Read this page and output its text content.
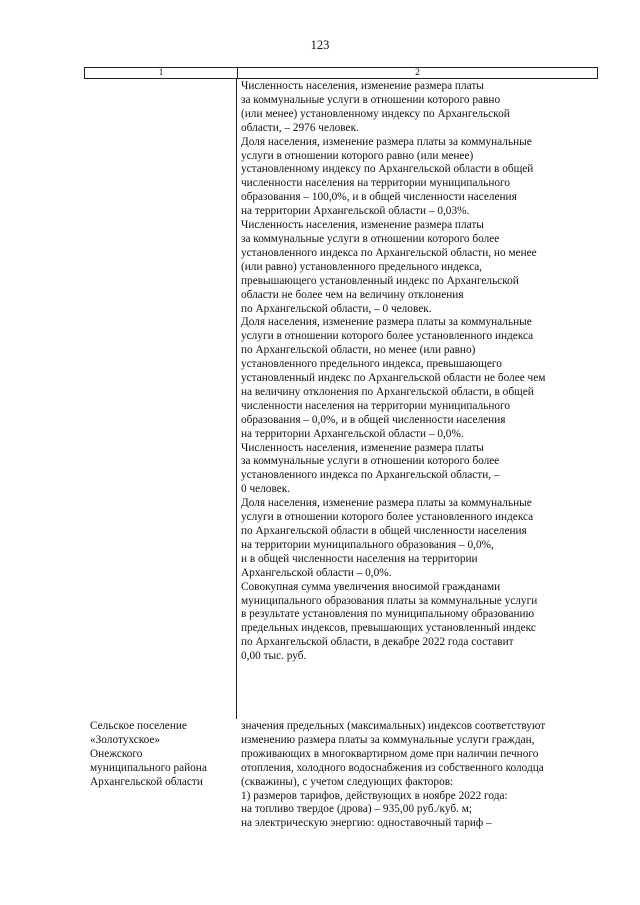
123
1	2
Численность населения, изменение размера платы
за коммунальные услуги в отношении которого равно
(или менее) установленному индексу по Архангельской
области, – 2976 человек.
Доля населения, изменение размера платы за коммунальные
услуги в отношении которого равно (или менее)
установленному индексу по Архангельской области в общей
численности населения на территории муниципального
образования – 100,0%, и в общей численности населения
на территории Архангельской области – 0,03%.
Численность населения, изменение размера платы
за коммунальные услуги в отношении которого более
установленного индекса по Архангельской области, но менее
(или равно) установленного предельного индекса,
превышающего установленный индекс по Архангельской
области не более чем на величину отклонения
по Архангельской области, – 0 человек.
Доля населения, изменение размера платы за коммунальные
услуги в отношении которого более установленного индекса
по Архангельской области, но менее (или равно)
установленного предельного индекса, превышающего
установленный индекс по Архангельской области не более чем
на величину отклонения по Архангельской области, в общей
численности населения на территории муниципального
образования – 0,0%, и в общей численности населения
на территории Архангельской области – 0,0%.
Численность населения, изменение размера платы
за коммунальные услуги в отношении которого более
установленного индекса по Архангельской области, –
0 человек.
Доля населения, изменение размера платы за коммунальные
услуги в отношении которого более установленного индекса
по Архангельской области в общей численности населения
на территории муниципального образования – 0,0%,
и в общей численности населения на территории
Архангельской области – 0,0%.
Совокупная сумма увеличения вносимой гражданами
муниципального образования платы за коммунальные услуги
в результате установления по муниципальному образованию
предельных индексов, превышающих установленный индекс
по Архангельской области, в декабре 2022 года составит
0,00 тыс. руб.
Сельское поселение
«Золотухское»
Онежского
муниципального района
Архангельской области
значения предельных (максимальных) индексов соответствуют
изменению размера платы за коммунальные услуги граждан,
проживающих в многоквартирном доме при наличии печного
отопления, холодного водоснабжения из собственного колодца
(скважины), с учетом следующих факторов:
1) размеров тарифов, действующих в ноябре 2022 года:
на топливо твердое (дрова) – 935,00 руб./куб. м;
на электрическую энергию: одноставочный тариф –
